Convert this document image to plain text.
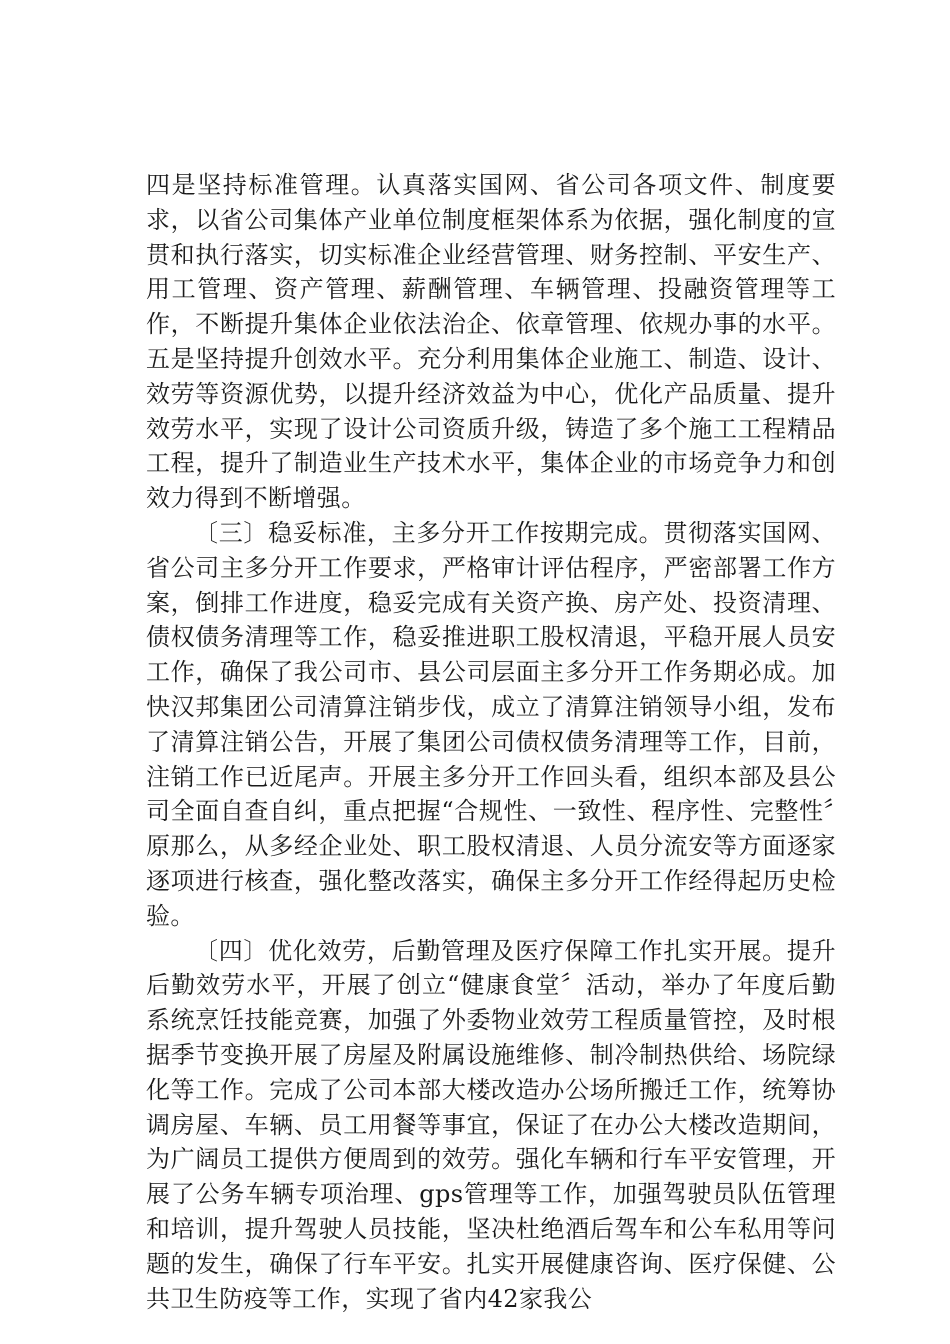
四是坚持标准管理。认真落实国网、省公司各项文件、制度要求，以省公司集体产业单位制度框架体系为依据，强化制度的宣贯和执行落实，切实标准企业经营管理、财务控制、平安生产、用工管理、资产管理、薪酬管理、车辆管理、投融资管理等工作，不断提升集体企业依法治企、依章管理、依规办事的水平。五是坚持提升创效水平。充分利用集体企业施工、制造、设计、效劳等资源优势，以提升经济效益为中心，优化产品质量、提升效劳水平，实现了设计公司资质升级，铸造了多个施工工程精品工程，提升了制造业生产技术水平，集体企业的市场竞争力和创效力得到不断增强。

〔三〕稳妥标准，主多分开工作按期完成。贯彻落实国网、省公司主多分开工作要求，严格审计评估程序，严密部署工作方案，倒排工作进度，稳妥完成有关资产换、房产处、投资清理、债权债务清理等工作，稳妥推进职工股权清退，平稳开展人员安工作，确保了我公司市、县公司层面主多分开工作务期必成。加快汉邦集团公司清算注销步伐，成立了清算注销领导小组，发布了清算注销公告，开展了集团公司债权债务清理等工作，目前，注销工作已近尾声。开展主多分开工作回头看，组织本部及县公司全面自查自纠，重点把握“合规性、一致性、程序性、完整性〞原那么，从多经企业处、职工股权清退、人员分流安等方面逐家逐项进行核查，强化整改落实，确保主多分开工作经得起历史检验。

〔四〕优化效劳，后勤管理及医疗保障工作扎实开展。提升后勤效劳水平，开展了创立“健康食堂〞活动，举办了年度后勤系统烹饪技能竞赛，加强了外委物业效劳工程质量管控，及时根据季节变换开展了房屋及附属设施维修、制冷制热供给、场院绿化等工作。完成了公司本部大楼改造办公场所搬迁工作，统筹协调房屋、车辆、员工用餐等事宜，保证了在办公大楼改造期间，为广阔员工提供方便周到的效劳。强化车辆和行车平安管理，开展了公务车辆专项治理、gps管理等工作，加强驾驶员队伍管理和培训，提升驾驶人员技能，坚决杜绝酒后驾车和公车私用等问题的发生，确保了行车平安。扎实开展健康咨询、医疗保健、公共卫生防疫等工作，实现了省内42家我公
